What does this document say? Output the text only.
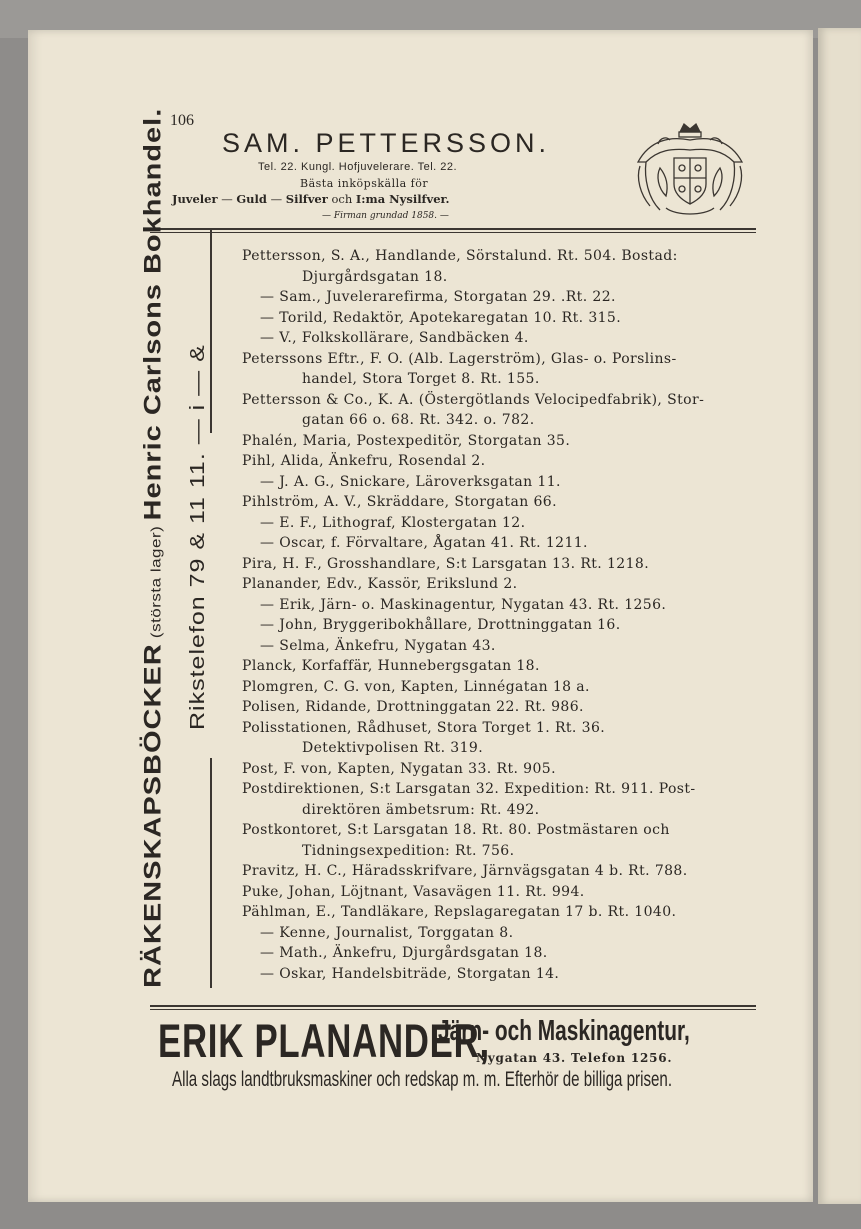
106
SAM. PETTERSSON.
Tel. 22. Kungl. Hofjuvelerare. Tel. 22.
Bästa inköpskälla för
Juveler — Guld — Silfver och I:ma Nysilfver.
— Firman grundad 1858. —
RÄKENSKAPSBÖCKER (största lager) Henric Carlsons Bokhandel.
Rikstelefon 79 & 11 11. — i — &
Pettersson, S. A., Handlande, Sörstalund. Rt. 504. Bostad:
Djurgårdsgatan 18.
— Sam., Juvelerarefirma, Storgatan 29. .Rt. 22.
— Torild, Redaktör, Apotekaregatan 10. Rt. 315.
— V., Folkskollärare, Sandbäcken 4.
Peterssons Eftr., F. O. (Alb. Lagerström), Glas- o. Porslins-
handel, Stora Torget 8. Rt. 155.
Pettersson & Co., K. A. (Östergötlands Velocipedfabrik), Stor-
gatan 66 o. 68. Rt. 342. o. 782.
Phalén, Maria, Postexpeditör, Storgatan 35.
Pihl, Alida, Änkefru, Rosendal 2.
— J. A. G., Snickare, Läroverksgatan 11.
Pihlström, A. V., Skräddare, Storgatan 66.
— E. F., Lithograf, Klostergatan 12.
— Oscar, f. Förvaltare, Ågatan 41. Rt. 1211.
Pira, H. F., Grosshandlare, S:t Larsgatan 13. Rt. 1218.
Planander, Edv., Kassör, Erikslund 2.
— Erik, Järn- o. Maskinagentur, Nygatan 43. Rt. 1256.
— John, Bryggeribokhållare, Drottninggatan 16.
— Selma, Änkefru, Nygatan 43.
Planck, Korfaffär, Hunnebergsgatan 18.
Plomgren, C. G. von, Kapten, Linnégatan 18 a.
Polisen, Ridande, Drottninggatan 22. Rt. 986.
Polisstationen, Rådhuset, Stora Torget 1. Rt. 36.
Detektivpolisen Rt. 319.
Post, F. von, Kapten, Nygatan 33. Rt. 905.
Postdirektionen, S:t Larsgatan 32. Expedition: Rt. 911. Post-
direktören ämbetsrum: Rt. 492.
Postkontoret, S:t Larsgatan 18. Rt. 80. Postmästaren och
Tidningsexpedition: Rt. 756.
Pravitz, H. C., Häradsskrifvare, Järnvägsgatan 4 b. Rt. 788.
Puke, Johan, Löjtnant, Vasavägen 11. Rt. 994.
Pählman, E., Tandläkare, Repslagaregatan 17 b. Rt. 1040.
— Kenne, Journalist, Torggatan 8.
— Math., Änkefru, Djurgårdsgatan 18.
— Oskar, Handelsbiträde, Storgatan 14.
ERIK PLANANDER,
Järn- och Maskinagentur,
Nygatan 43. Telefon 1256.
Alla slags landtbruksmaskiner och redskap m. m. Efterhör de billiga prisen.
